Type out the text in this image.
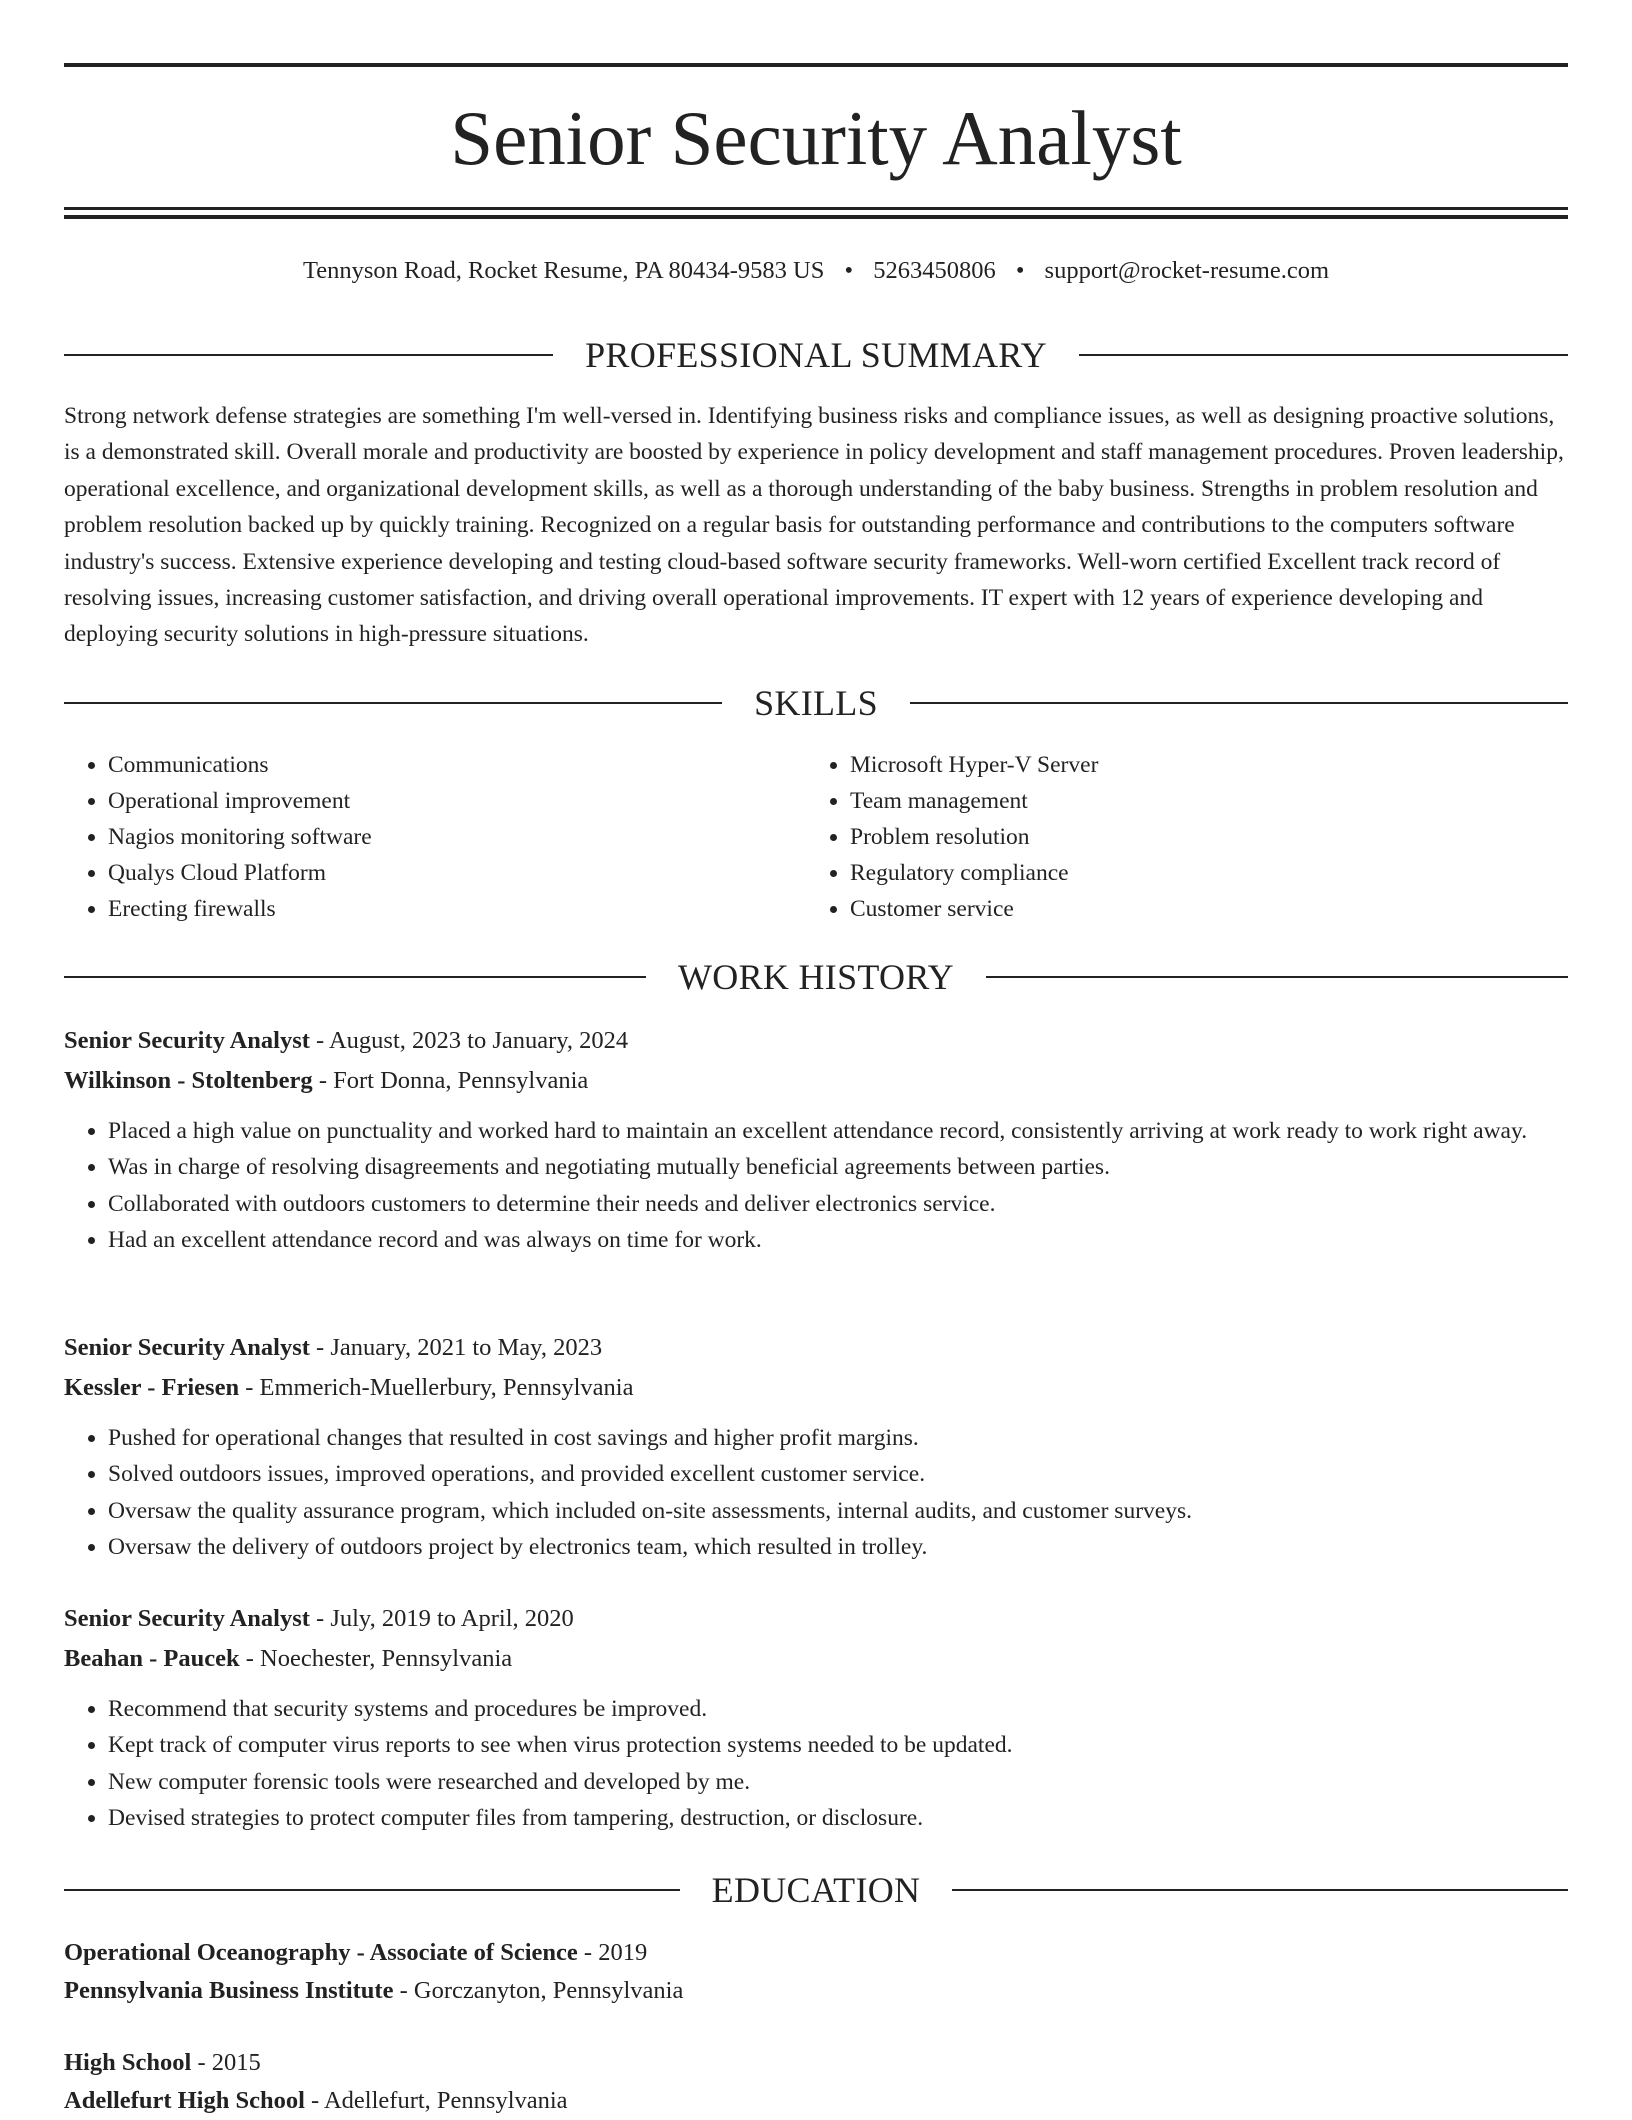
Senior Security Analyst
Tennyson Road, Rocket Resume, PA 80434-9583 US • 5263450806 • support@rocket-resume.com
PROFESSIONAL SUMMARY

Strong network defense strategies are something I'm well-versed in. Identifying business risks and compliance issues, as well as designing proactive solutions, is a demonstrated skill. Overall morale and productivity are boosted by experience in policy development and staff management procedures. Proven leadership, operational excellence, and organizational development skills, as well as a thorough understanding of the baby business. Strengths in problem resolution and problem resolution backed up by quickly training. Recognized on a regular basis for outstanding performance and contributions to the computers software industry's success. Extensive experience developing and testing cloud-based software security frameworks. Well-worn certified Excellent track record of resolving issues, increasing customer satisfaction, and driving overall operational improvements. IT expert with 12 years of experience developing and deploying security solutions in high-pressure situations.

SKILLS
• Communications
• Operational improvement
• Nagios monitoring software
• Qualys Cloud Platform
• Erecting firewalls
• Microsoft Hyper-V Server
• Team management
• Problem resolution
• Regulatory compliance
• Customer service
WORK HISTORY
Senior Security Analyst - August, 2023 to January, 2024
Wilkinson - Stoltenberg - Fort Donna, Pennsylvania
• Placed a high value on punctuality and worked hard to maintain an excellent attendance record, consistently arriving at work ready to work right away.
• Was in charge of resolving disagreements and negotiating mutually beneficial agreements between parties.
• Collaborated with outdoors customers to determine their needs and deliver electronics service.
• Had an excellent attendance record and was always on time for work.
Senior Security Analyst - January, 2021 to May, 2023
Kessler - Friesen - Emmerich-Muellerbury, Pennsylvania
• Pushed for operational changes that resulted in cost savings and higher profit margins.
• Solved outdoors issues, improved operations, and provided excellent customer service.
• Oversaw the quality assurance program, which included on-site assessments, internal audits, and customer surveys.
• Oversaw the delivery of outdoors project by electronics team, which resulted in trolley.
Senior Security Analyst - July, 2019 to April, 2020
Beahan - Paucek - Noechester, Pennsylvania
• Recommend that security systems and procedures be improved.
• Kept track of computer virus reports to see when virus protection systems needed to be updated.
• New computer forensic tools were researched and developed by me.
• Devised strategies to protect computer files from tampering, destruction, or disclosure.
EDUCATION
Operational Oceanography - Associate of Science - 2019
Pennsylvania Business Institute - Gorczanyton, Pennsylvania
High School - 2015
Adellefurt High School - Adellefurt, Pennsylvania
